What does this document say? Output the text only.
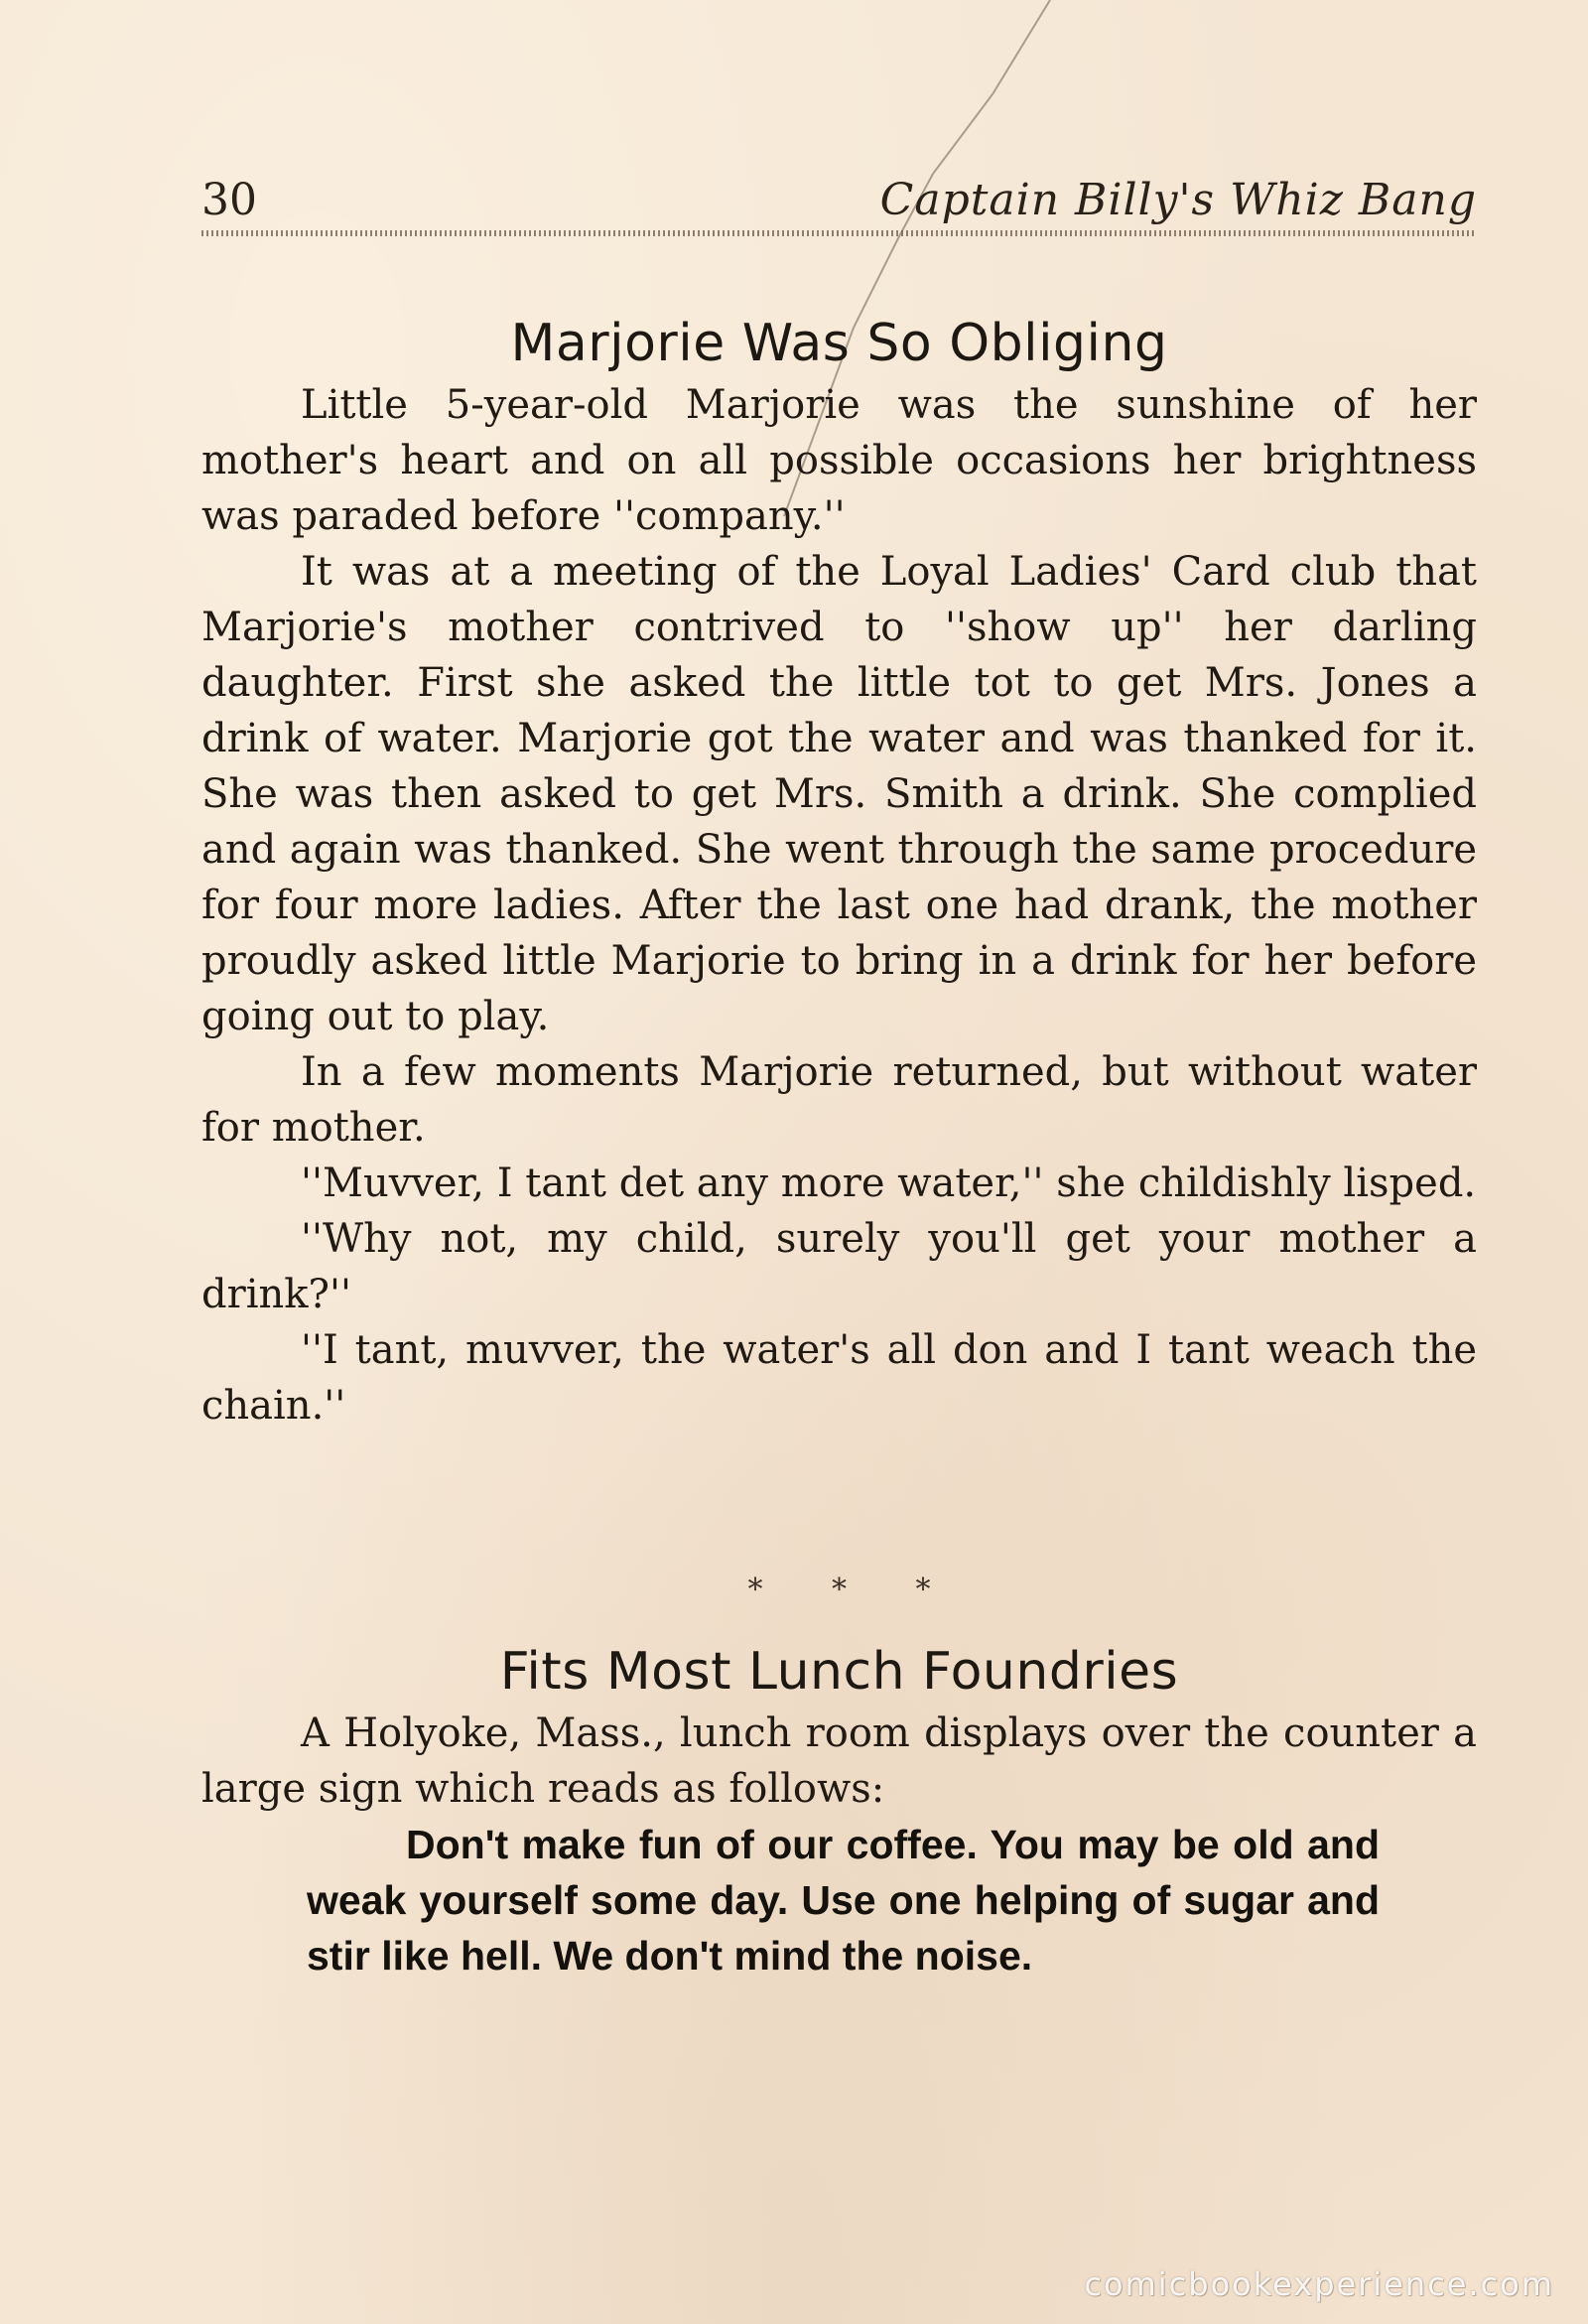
30	Captain Billy's Whiz Bang
Marjorie Was So Obliging

Little 5-year-old Marjorie was the sunshine of her mother's heart and on all possible occasions her brightness was paraded before ''company.''

It was at a meeting of the Loyal Ladies' Card club that Marjorie's mother contrived to ''show up'' her darling daughter. First she asked the little tot to get Mrs. Jones a drink of water. Marjorie got the water and was thanked for it. She was then asked to get Mrs. Smith a drink. She complied and again was thanked. She went through the same procedure for four more ladies. After the last one had drank, the mother proudly asked little Marjorie to bring in a drink for her before going out to play.

In a few moments Marjorie returned, but without water for mother.

''Muvver, I tant det any more water,'' she childishly lisped.

''Why not, my child, surely you'll get your mother a drink?''

''I tant, muvver, the water's all don and I tant weach the chain.''

* * *
Fits Most Lunch Foundries

A Holyoke, Mass., lunch room displays over the counter a large sign which reads as follows:

Don't make fun of our coffee. You may be old and weak yourself some day. Use one helping of sugar and stir like hell. We don't mind the noise.

comicbookexperience.com
